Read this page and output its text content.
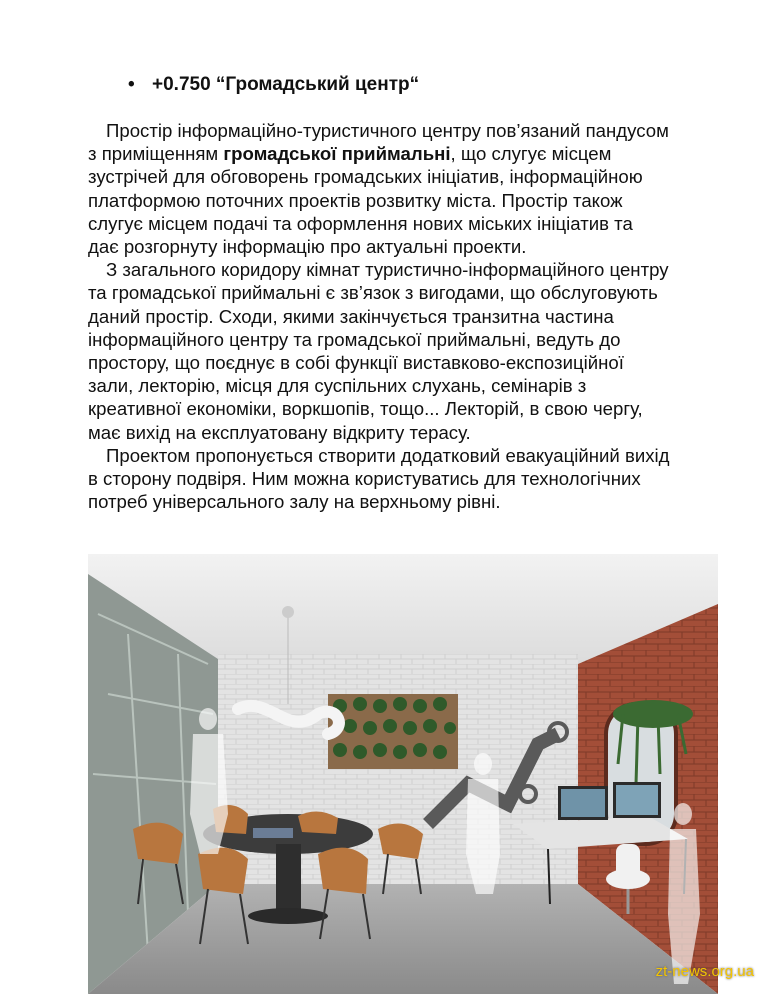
• +0.750 “Громадський центр“

Простір інформаційно-туристичного центру пов’язаний пандусом
з приміщенням громадської приймальні, що слугує місцем
зустрічей для обговорень громадських ініціатив, інформаційною
платформою поточних проектів розвитку міста. Простір також
слугує місцем подачі та оформлення нових міських ініціатив та
дає розгорнуту інформацію про актуальні проекти.

З загального коридору кімнат туристично-інформаційного центру
та громадської приймальні є зв’язок з вигодами, що обслуговують
даний простір. Сходи, якими закінчується транзитна частина
інформаційного центру та громадської приймальні, ведуть до
простору, що поєднує в собі функції виставково-експозиційної
зали, лекторію, місця для суспільних слухань, семінарів з
креативної економіки, воркшопів, тощо... Лекторій, в свою чергу,
має вихід на експлуатовану відкриту терасу.

Проектом пропонується створити додатковий евакуаційний вихід
в сторону подвіря. Ним можна користуватись для технологічних
потреб універсального залу на верхньому рівні.

zt-news.org.ua
